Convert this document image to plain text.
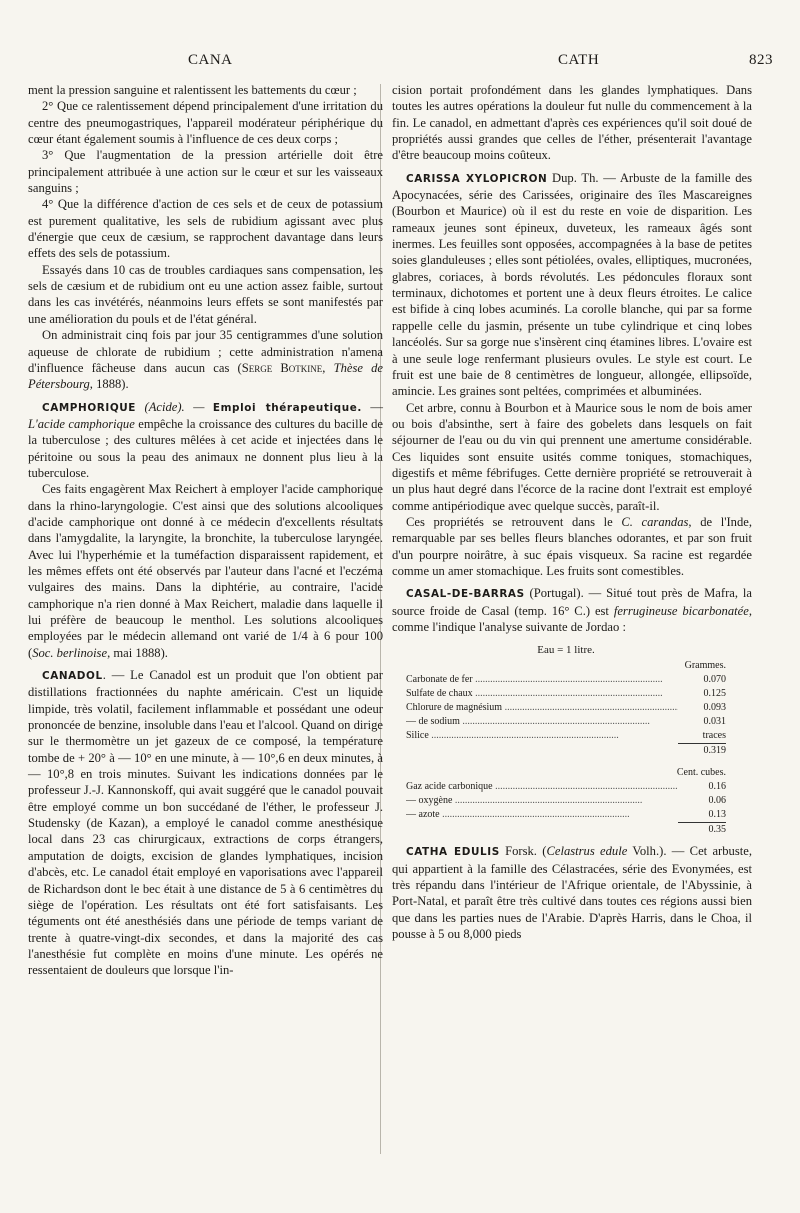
CANA	CATH	823

ment la pression sanguine et ralentissent les battements du cœur ;

2° Que ce ralentissement dépend principalement d'une irritation du centre des pneumogastriques, l'appareil modérateur périphérique du cœur étant également soumis à l'influence de ces deux corps ;

3° Que l'augmentation de la pression artérielle doit être principalement attribuée à une action sur le cœur et sur les vaisseaux sanguins ;

4° Que la différence d'action de ces sels et de ceux de potassium est purement qualitative, les sels de rubidium agissant avec plus d'énergie que ceux de cæsium, se rapprochent davantage dans leurs effets des sels de potassium.

Essayés dans 10 cas de troubles cardiaques sans compensation, les sels de cæsium et de rubidium ont eu une action assez faible, surtout dans les cas invétérés, néanmoins leurs effets se sont manifestés par une amélioration du pouls et de l'état général.

On administrait cinq fois par jour 35 centigrammes d'une solution aqueuse de chlorate de rubidium ; cette administration n'amena d'influence fâcheuse dans aucun cas (Serge Botkine, Thèse de Pétersbourg, 1888).

CAMPHORIQUE (Acide). — Emploi thérapeutique. — L'acide camphorique empêche la croissance des cultures du bacille de la tuberculose ; des cultures mêlées à cet acide et injectées dans le péritoine ou sous la peau des animaux ne donnent plus lieu à la tuberculose.

Ces faits engagèrent Max Reichert à employer l'acide camphorique dans la rhino-laryngologie. C'est ainsi que des solutions alcooliques d'acide camphorique ont donné à ce médecin d'excellents résultats dans l'amygdalite, la laryngite, la bronchite, la tuberculose laryngée. Avec lui l'hyperhémie et la tuméfaction disparaissent rapidement, et les mêmes effets ont été observés par l'auteur dans l'acné et l'eczéma vulgaires des mains. Dans la diphtérie, au contraire, l'acide camphorique n'a rien donné à Max Reichert, maladie dans laquelle il lui préfère de beaucoup le menthol. Les solutions alcooliques employées par le médecin allemand ont varié de 1/4 à 6 pour 100 (Soc. berlinoise, mai 1888).

CANADOL. — Le Canadol est un produit que l'on obtient par distillations fractionnées du naphte américain. C'est un liquide limpide, très volatil, facilement inflammable et possédant une odeur prononcée de benzine, insoluble dans l'eau et l'alcool. Quand on dirige sur le thermomètre un jet gazeux de ce composé, la température tombe de + 20° à — 10° en une minute, à — 10°,6 en deux minutes, à — 10°,8 en trois minutes. Suivant les indications données par le professeur J.-J. Kannonskoff, qui avait suggéré que le canadol pouvait être employé comme un bon succédané de l'éther, le professeur J. Studensky (de Kazan), a employé le canadol comme anesthésique local dans 23 cas chirurgicaux, extractions de corps étrangers, amputation de doigts, excision de glandes lymphatiques, incision d'abcès, etc. Le canadol était employé en vaporisations avec l'appareil de Richardson dont le bec était à une distance de 5 à 6 centimètres du siège de l'opération. Les résultats ont été fort satisfaisants. Les téguments ont été anesthésiés dans une période de temps variant de trente à quatre-vingt-dix secondes, et dans la majorité des cas l'anesthésie fut complète en moins d'une minute. Les opérés ne ressentaient de douleurs que lorsque l'in-

cision portait profondément dans les glandes lymphatiques. Dans toutes les autres opérations la douleur fut nulle du commencement à la fin. Le canadol, en admettant d'après ces expériences qu'il soit doué de propriétés aussi grandes que celles de l'éther, présenterait l'avantage d'être beaucoup moins coûteux.

CARISSA XYLOPICRON Dup. Th. — Arbuste de la famille des Apocynacées, série des Carissées, originaire des îles Mascareignes (Bourbon et Maurice) où il est du reste en voie de disparition. Les rameaux jeunes sont épineux, duveteux, les rameaux âgés sont inermes. Les feuilles sont opposées, accompagnées à la base de petites soies glanduleuses ; elles sont pétiolées, ovales, elliptiques, mucronées, glabres, coriaces, à bords révolutés. Les pédoncules floraux sont terminaux, dichotomes et portent une à deux fleurs étroites. Le calice est bifide à cinq lobes acuminés. La corolle blanche, qui par sa forme rappelle celle du jasmin, présente un tube cylindrique et cinq lobes lancéolés. Sur sa gorge nue s'insèrent cinq étamines libres. L'ovaire est à une seule loge renfermant plusieurs ovules. Le style est court. Le fruit est une baie de 8 centimètres de longueur, allongée, ellipsoïde, amincie. Les graines sont peltées, comprimées et albuminées.

Cet arbre, connu à Bourbon et à Maurice sous le nom de bois amer ou bois d'absinthe, sert à faire des gobelets dans lesquels on fait séjourner de l'eau ou du vin qui prennent une amertume considérable. Ces liquides sont ensuite usités comme toniques, stomachiques, digestifs et même fébrifuges. Cette dernière propriété se retrouverait à un plus haut degré dans l'écorce de la racine dont l'extrait est employé comme antipériodique avec quelque succès, paraît-il.

Ces propriétés se retrouvent dans le C. carandas, de l'Inde, remarquable par ses belles fleurs blanches odorantes, et par son fruit d'un pourpre noirâtre, à suc épais visqueux. Sa racine est regardée comme un amer stomachique. Les fruits sont comestibles.

CASAL-DE-BARRAS (Portugal). — Situé tout près de Mafra, la source froide de Casal (temp. 16° C.) est ferrugineuse bicarbonatée, comme l'indique l'analyse suivante de Jordao :

Eau = 1 litre.
Grammes.
Carbonate de fer .....	0.070
Sulfate de chaux .....	0.125
Chlorure de magnésium .....	0.093
— de sodium .....	0.031
Silice .....	traces
0.319
Cent. cubes.
Gaz acide carbonique .....	0.16
— oxygène .....	0.06
— azote .....	0.13
0.35

CATHA EDULIS Forsk. (Celastrus edule Volh.). — Cet arbuste, qui appartient à la famille des Célastracées, série des Evonymées, est très répandu dans l'intérieur de l'Afrique orientale, de l'Abyssinie, à Port-Natal, et paraît être très cultivé dans toutes ces régions aussi bien que dans les parties nues de l'Arabie. D'après Harris, dans le Choa, il pousse à 5 ou 8,000 pieds
